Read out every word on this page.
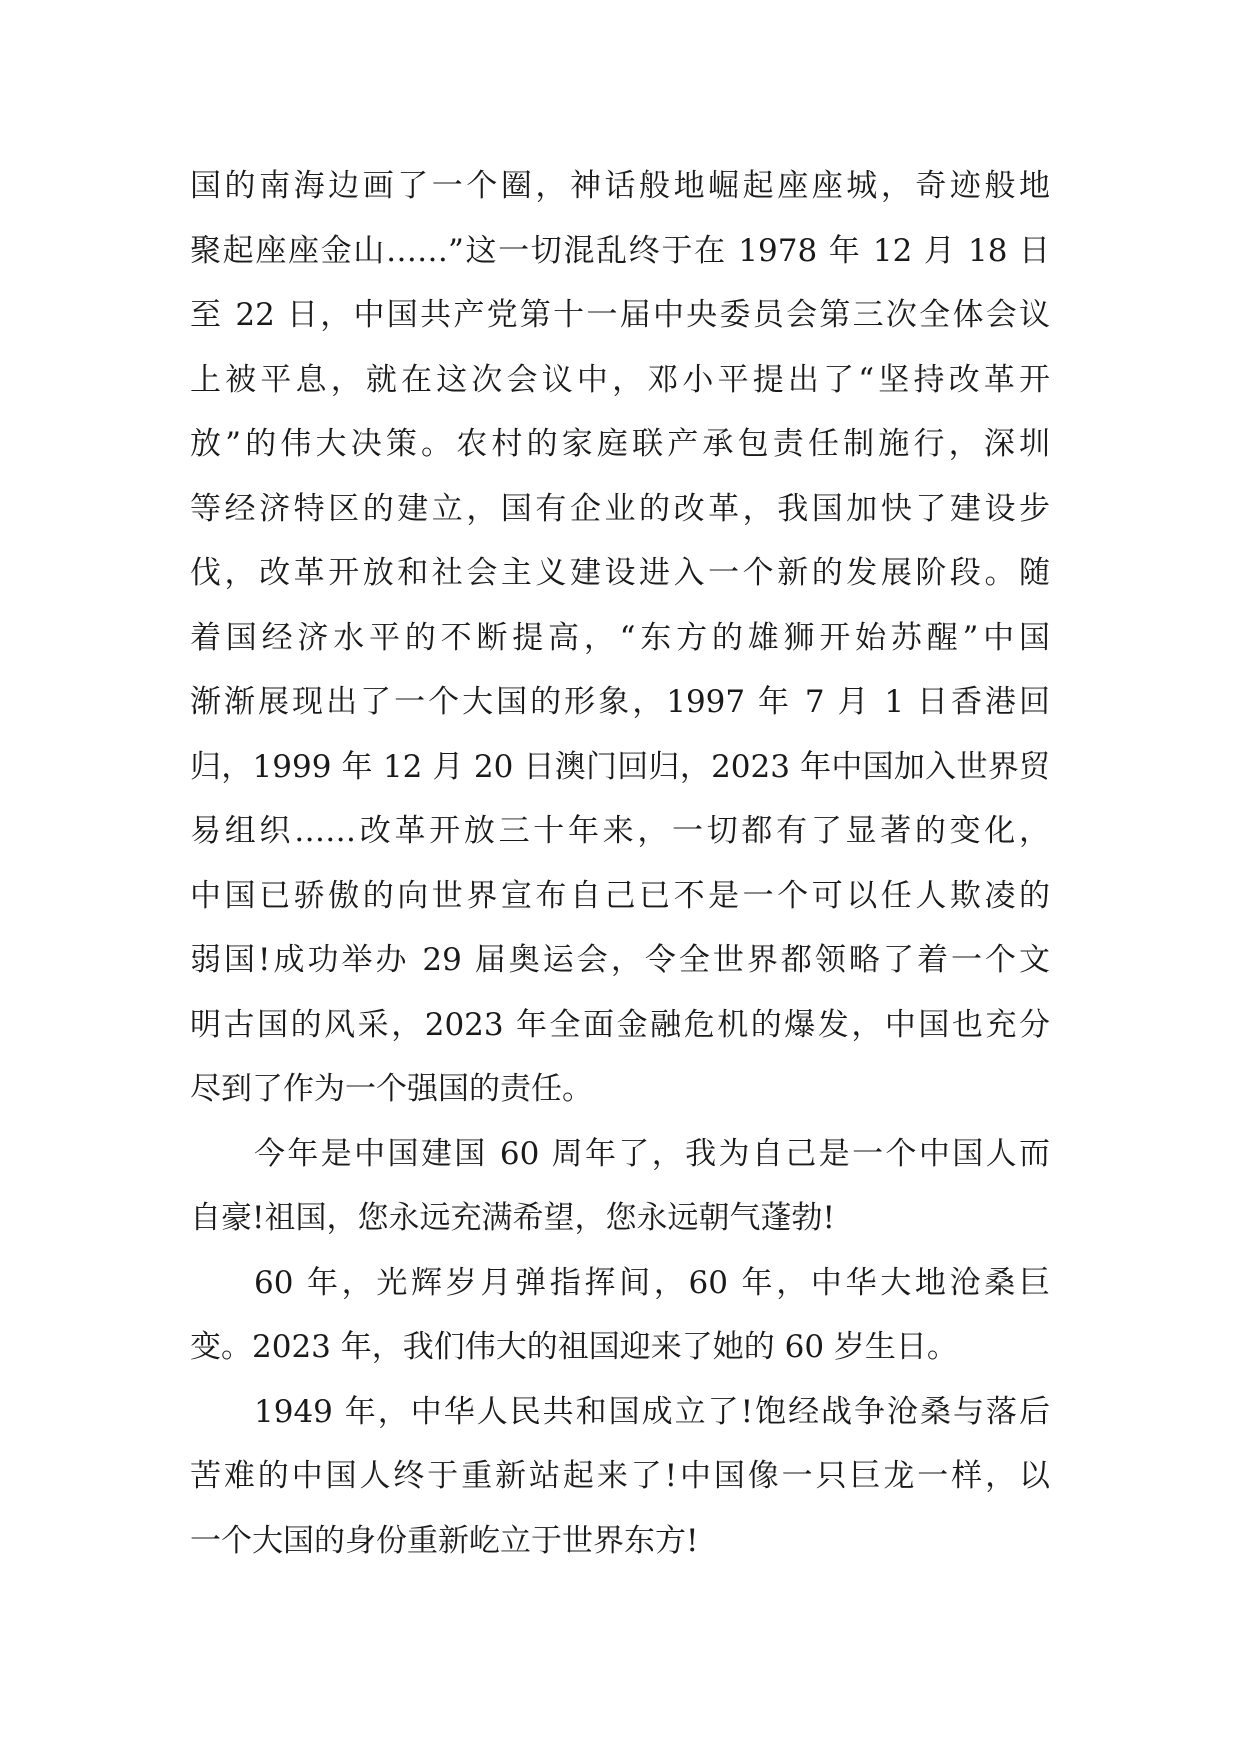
国的南海边画了一个圈，神话般地崛起座座城，奇迹般地
聚起座座金山……”这一切混乱终于在 1978 年 12 月 18 日
至 22 日，中国共产党第十一届中央委员会第三次全体会议
上被平息，就在这次会议中，邓小平提出了“坚持改革开
放”的伟大决策。农村的家庭联产承包责任制施行，深圳
等经济特区的建立，国有企业的改革，我国加快了建设步
伐，改革开放和社会主义建设进入一个新的发展阶段。随
着国经济水平的不断提高，“东方的雄狮开始苏醒”中国
渐渐展现出了一个大国的形象，1997 年 7 月 1 日香港回
归，1999 年 12 月 20 日澳门回归，2023 年中国加入世界贸
易组织……改革开放三十年来，一切都有了显著的变化，
中国已骄傲的向世界宣布自己已不是一个可以任人欺凌的
弱国!成功举办 29 届奥运会，令全世界都领略了着一个文
明古国的风采，2023 年全面金融危机的爆发，中国也充分
尽到了作为一个强国的责任。
今年是中国建国 60 周年了，我为自己是一个中国人而
自豪!祖国，您永远充满希望，您永远朝气蓬勃!
60 年，光辉岁月弹指挥间，60 年，中华大地沧桑巨
变。2023 年，我们伟大的祖国迎来了她的 60 岁生日。
1949 年，中华人民共和国成立了!饱经战争沧桑与落后
苦难的中国人终于重新站起来了!中国像一只巨龙一样，以
一个大国的身份重新屹立于世界东方!
